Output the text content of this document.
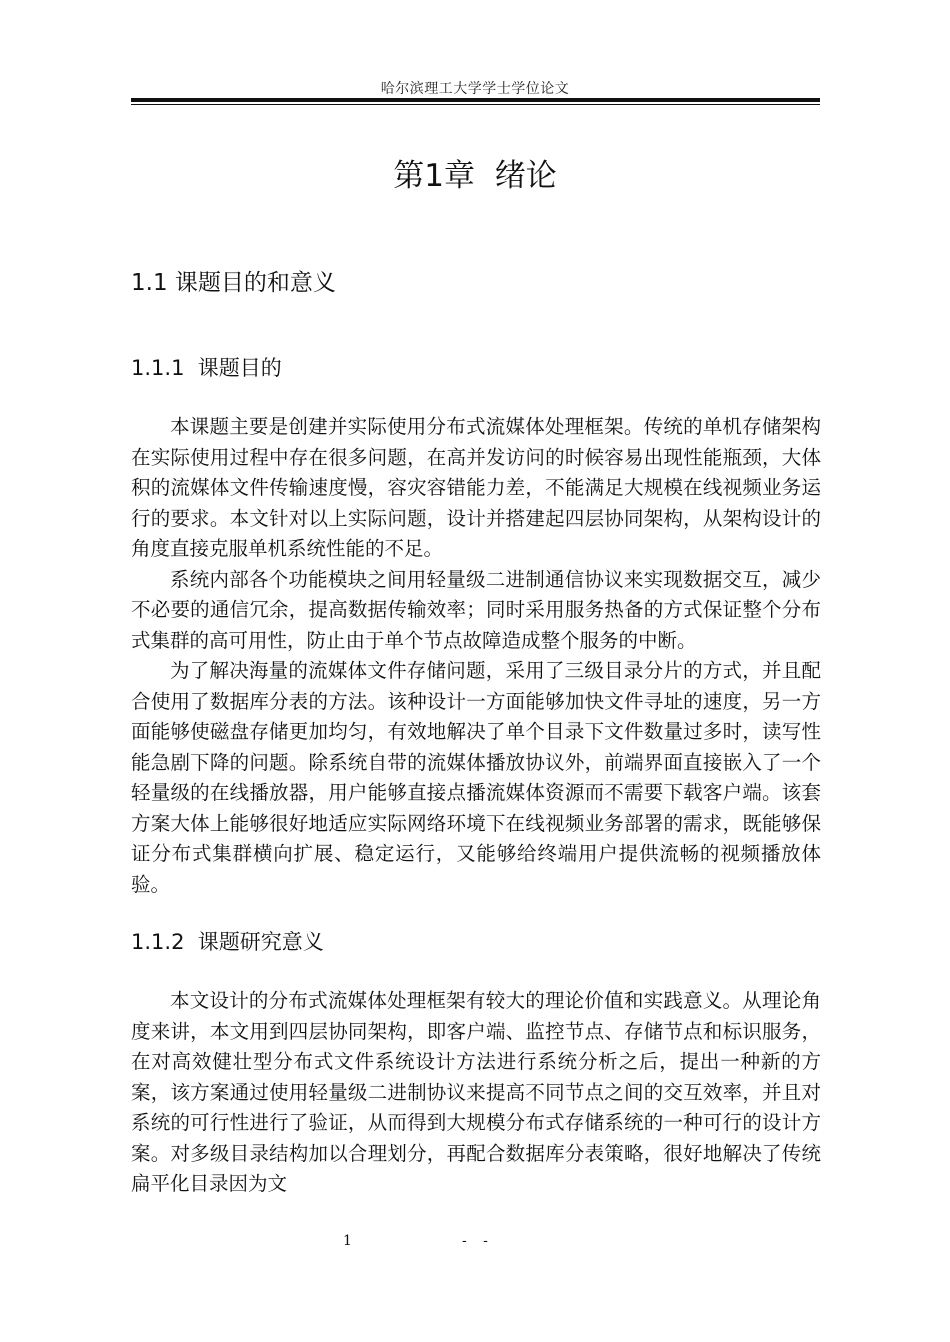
哈尔滨理工大学学士学位论文
第1章  绪论
1.1 课题目的和意义
1.1.1  课题目的

本课题主要是创建并实际使用分布式流媒体处理框架。传统的单机存储架构在实际使用过程中存在很多问题，在高并发访问的时候容易出现性能瓶颈，大体积的流媒体文件传输速度慢，容灾容错能力差，不能满足大规模在线视频业务运行的要求。本文针对以上实际问题，设计并搭建起四层协同架构，从架构设计的角度直接克服单机系统性能的不足。

系统内部各个功能模块之间用轻量级二进制通信协议来实现数据交互，减少不必要的通信冗余，提高数据传输效率；同时采用服务热备的方式保证整个分布式集群的高可用性，防止由于单个节点故障造成整个服务的中断。

为了解决海量的流媒体文件存储问题，采用了三级目录分片的方式，并且配合使用了数据库分表的方法。该种设计一方面能够加快文件寻址的速度，另一方面能够使磁盘存储更加均匀，有效地解决了单个目录下文件数量过多时，读写性能急剧下降的问题。除系统自带的流媒体播放协议外，前端界面直接嵌入了一个轻量级的在线播放器，用户能够直接点播流媒体资源而不需要下载客户端。该套方案大体上能够很好地适应实际网络环境下在线视频业务部署的需求，既能够保证分布式集群横向扩展、稳定运行，又能够给终端用户提供流畅的视频播放体验。

1.1.2  课题研究意义

本文设计的分布式流媒体处理框架有较大的理论价值和实践意义。从理论角度来讲，本文用到四层协同架构，即客户端、监控节点、存储节点和标识服务，在对高效健壮型分布式文件系统设计方法进行系统分析之后，提出一种新的方案，该方案通过使用轻量级二进制协议来提高不同节点之间的交互效率，并且对系统的可行性进行了验证，从而得到大规模分布式存储系统的一种可行的设计方案。对多级目录结构加以合理划分，再配合数据库分表策略，很好地解决了传统扁平化目录因为文

1	- -
